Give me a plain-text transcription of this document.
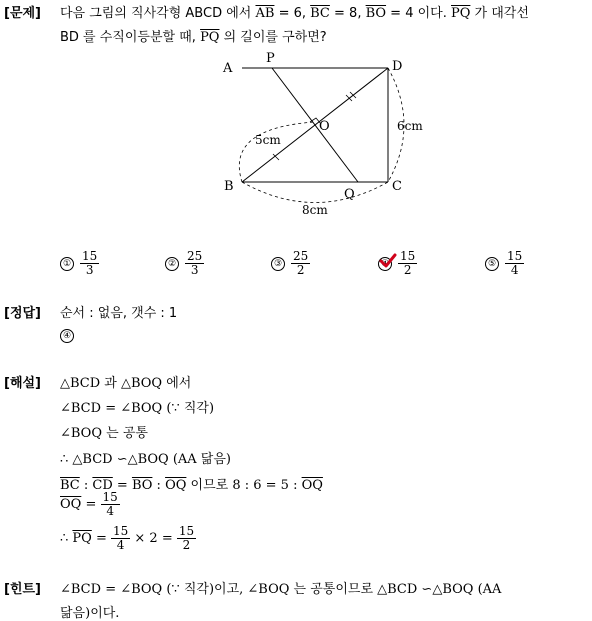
[문제] 다음 그림의 직사각형 ABCD 에서 $\overline{AB} = 6$, $\overline{BC} = 8$, $\overline{BO} = 4$ 이다. $\overline{PQ}$ 가 대각선
BD 를 수직이등분할 때, $\overline{PQ}$ 의 길이를 구하면?
A
P
D
O
B
Q
C
5cm
6cm
8cm
① $\frac{15}{3}$	② $\frac{25}{3}$	③ $\frac{25}{2}$	④ $\frac{15}{2}$	⑤ $\frac{15}{4}$
[정답] 순서 : 없음, 갯수 : 1
④
[해설] △BCD 과 △BOQ 에서
∠BCD = ∠BOQ (∵ 직각)
∠BOQ 는 공통
∴ △BCD ∽△BOQ (AA 닮음)
$\overline{BC}$ : $\overline{CD} = \overline{BO}$ : $\overline{OQ}$ 이므로 8 : 6 = 5 : $\overline{OQ}$
$\overline{OQ} = \frac{15}{4}$
∴ $\overline{PQ} = \frac{15}{4} \times 2 = \frac{15}{2}$
[힌트] ∠BCD = ∠BOQ (∵ 직각)이고, ∠BOQ 는 공통이므로 △BCD ∽△BOQ (AA
닮음)이다.
